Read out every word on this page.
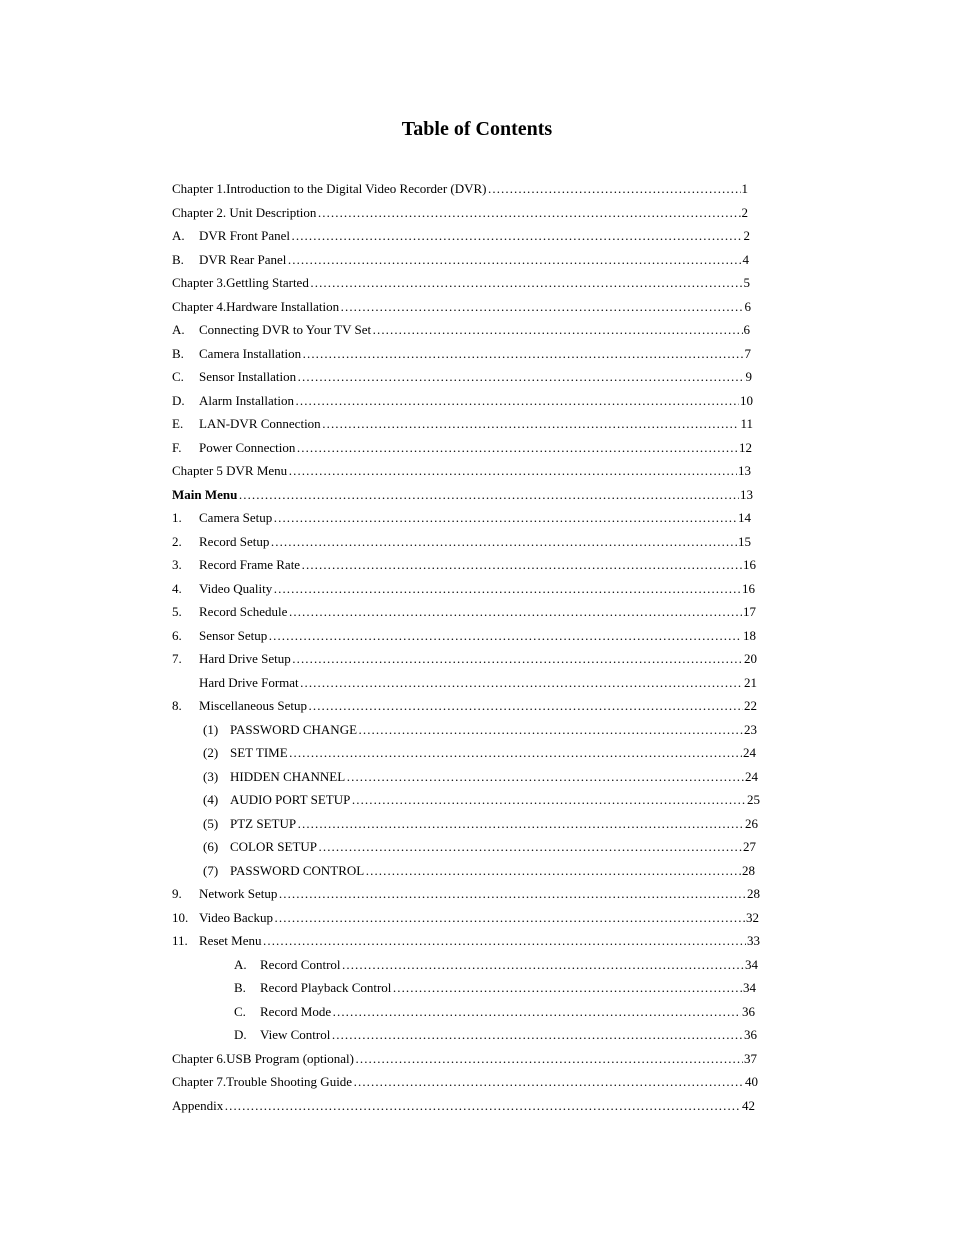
Table of Contents
Chapter 1.Introduction to the Digital Video Recorder (DVR) ………………………………………………………………………………………………………………………………………………………………………………………………	1
Chapter 2. Unit Description ………………………………………………………………………………………………………………………………………………………………………………………………	2
A.	DVR Front Panel ………………………………………………………………………………………………………………………………………………………………………………………………	2
B.	DVR Rear Panel ………………………………………………………………………………………………………………………………………………………………………………………………	4
Chapter 3.Gettling Started ………………………………………………………………………………………………………………………………………………………………………………………………	5
Chapter 4.Hardware Installation ………………………………………………………………………………………………………………………………………………………………………………………………	6
A.	Connecting DVR to Your TV Set ………………………………………………………………………………………………………………………………………………………………………………………………	6
B.	Camera Installation ………………………………………………………………………………………………………………………………………………………………………………………………	7
C.	Sensor Installation ………………………………………………………………………………………………………………………………………………………………………………………………	9
D.	Alarm Installation ………………………………………………………………………………………………………………………………………………………………………………………………	10
E.	LAN-DVR Connection ………………………………………………………………………………………………………………………………………………………………………………………………	11
F.	Power Connection ………………………………………………………………………………………………………………………………………………………………………………………………	12
Chapter 5 DVR Menu ………………………………………………………………………………………………………………………………………………………………………………………………	13
Main Menu ………………………………………………………………………………………………………………………………………………………………………………………………	13
1.	Camera Setup ………………………………………………………………………………………………………………………………………………………………………………………………	14
2.	Record Setup ………………………………………………………………………………………………………………………………………………………………………………………………	15
3.	Record Frame Rate ………………………………………………………………………………………………………………………………………………………………………………………………	16
4.	Video Quality ………………………………………………………………………………………………………………………………………………………………………………………………	16
5.	Record Schedule ………………………………………………………………………………………………………………………………………………………………………………………………	17
6.	Sensor Setup ………………………………………………………………………………………………………………………………………………………………………………………………	18
7.	Hard Drive Setup ………………………………………………………………………………………………………………………………………………………………………………………………	20
Hard Drive Format ………………………………………………………………………………………………………………………………………………………………………………………………	21
8.	Miscellaneous Setup ………………………………………………………………………………………………………………………………………………………………………………………………	22
(1) PASSWORD CHANGE ………………………………………………………………………………………………………………………………………………………………………………………………	23
(2) SET TIME ………………………………………………………………………………………………………………………………………………………………………………………………	24
(3) HIDDEN CHANNEL ………………………………………………………………………………………………………………………………………………………………………………………………	24
(4) AUDIO PORT SETUP ………………………………………………………………………………………………………………………………………………………………………………………………	25
(5) PTZ SETUP ………………………………………………………………………………………………………………………………………………………………………………………………	26
(6) COLOR SETUP ………………………………………………………………………………………………………………………………………………………………………………………………	27
(7) PASSWORD CONTROL ………………………………………………………………………………………………………………………………………………………………………………………………	28
9.	Network Setup ………………………………………………………………………………………………………………………………………………………………………………………………	28
10. Video Backup ………………………………………………………………………………………………………………………………………………………………………………………………	32
11. Reset Menu ………………………………………………………………………………………………………………………………………………………………………………………………	33
A.	Record Control ………………………………………………………………………………………………………………………………………………………………………………………………	34
B.	Record Playback Control ………………………………………………………………………………………………………………………………………………………………………………………………	34
C.	Record Mode ………………………………………………………………………………………………………………………………………………………………………………………………	36
D.	View Control ………………………………………………………………………………………………………………………………………………………………………………………………	36
Chapter 6.USB Program (optional) ………………………………………………………………………………………………………………………………………………………………………………………………	37
Chapter 7.Trouble Shooting Guide ………………………………………………………………………………………………………………………………………………………………………………………………	40
Appendix ………………………………………………………………………………………………………………………………………………………………………………………………	42
